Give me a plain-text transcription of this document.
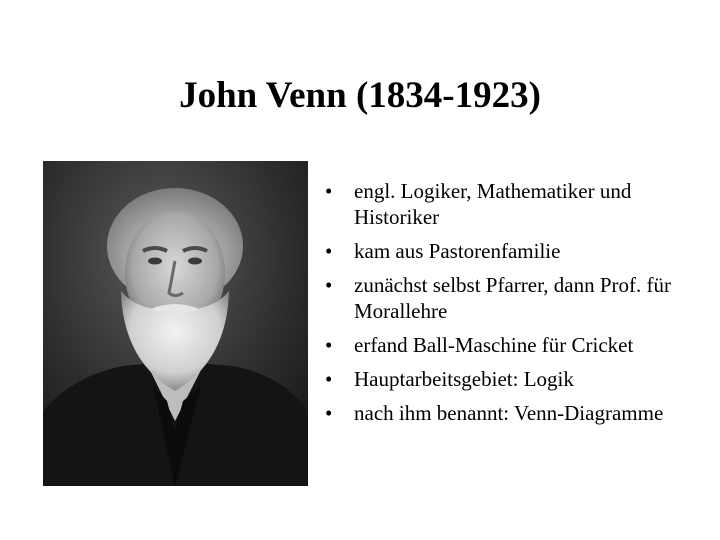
John Venn (1834-1923)
• engl. Logiker, Mathematiker und Historiker
• kam aus Pastorenfamilie
• zunächst selbst Pfarrer, dann Prof. für Morallehre
• erfand Ball-Maschine für Cricket
• Hauptarbeitsgebiet: Logik
• nach ihm benannt: Venn-Diagramme
